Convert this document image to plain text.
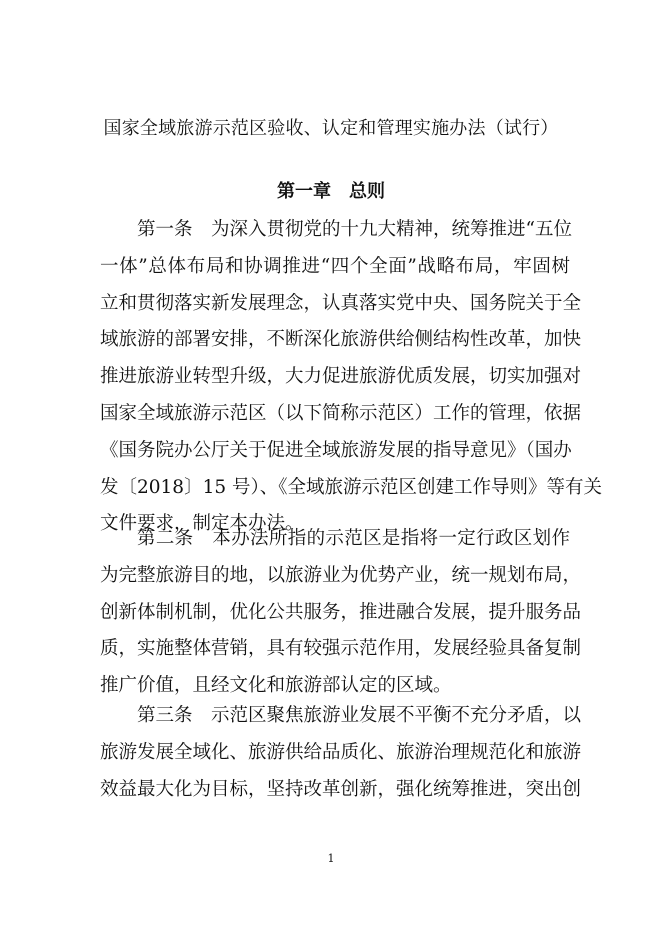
国家全域旅游示范区验收、认定和管理实施办法（试行）
第一章　总则
第一条　为深入贯彻党的十九大精神，统筹推进“五位
一体”总体布局和协调推进“四个全面”战略布局，牢固树
立和贯彻落实新发展理念，认真落实党中央、国务院关于全
域旅游的部署安排，不断深化旅游供给侧结构性改革，加快
推进旅游业转型升级，大力促进旅游优质发展，切实加强对
国家全域旅游示范区（以下简称示范区）工作的管理，依据
《国务院办公厅关于促进全域旅游发展的指导意见》（国办
发〔2018〕15 号）、《全域旅游示范区创建工作导则》等有关
文件要求，制定本办法。
第二条　本办法所指的示范区是指将一定行政区划作
为完整旅游目的地，以旅游业为优势产业，统一规划布局，
创新体制机制，优化公共服务，推进融合发展，提升服务品
质，实施整体营销，具有较强示范作用，发展经验具备复制
推广价值，且经文化和旅游部认定的区域。
第三条　示范区聚焦旅游业发展不平衡不充分矛盾，以
旅游发展全域化、旅游供给品质化、旅游治理规范化和旅游
效益最大化为目标，坚持改革创新，强化统筹推进，突出创
1
